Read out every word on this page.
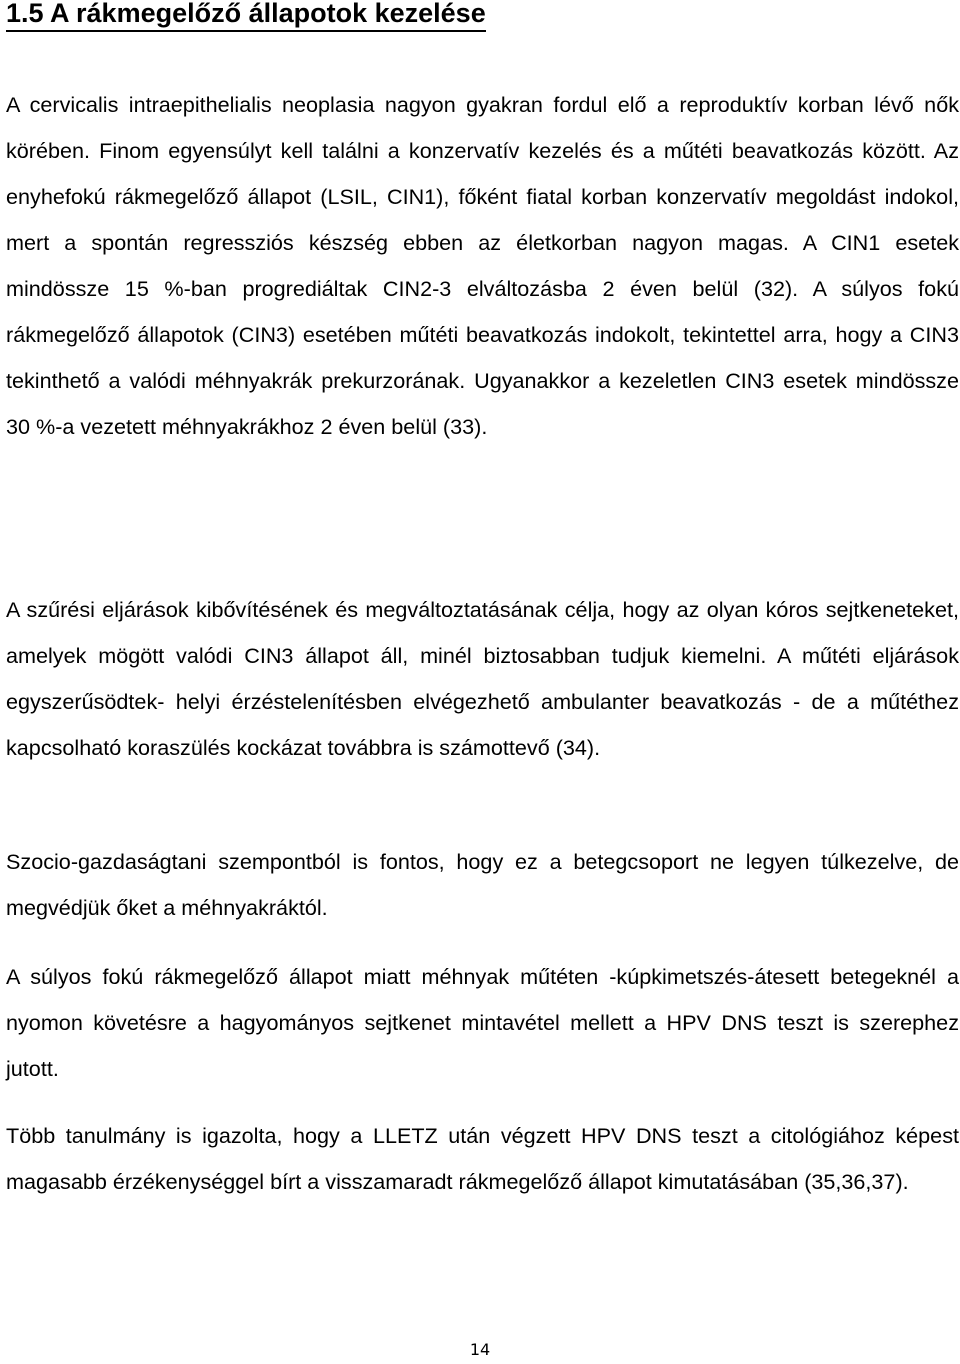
1.5 A rákmegelőző állapotok kezelése

A cervicalis intraepithelialis neoplasia nagyon gyakran fordul elő a reproduktív korban lévő nők körében. Finom egyensúlyt kell találni a konzervatív kezelés és a műtéti beavatkozás között. Az enyhefokú rákmegelőző állapot (LSIL, CIN1), főként fiatal korban konzervatív megoldást indokol, mert a spontán regressziós készség ebben az életkorban nagyon magas. A CIN1 esetek mindössze 15 %-ban progrediáltak CIN2-3 elváltozásba 2 éven belül (32). A súlyos fokú rákmegelőző állapotok (CIN3) esetében műtéti beavatkozás indokolt, tekintettel arra, hogy a CIN3 tekinthető a valódi méhnyakrák prekurzorának. Ugyanakkor a kezeletlen CIN3 esetek mindössze 30 %-a vezetett méhnyakrákhoz 2 éven belül (33).

A szűrési eljárások kibővítésének és megváltoztatásának célja, hogy az olyan kóros sejtkeneteket, amelyek mögött valódi CIN3 állapot áll, minél biztosabban tudjuk kiemelni. A műtéti eljárások egyszerűsödtek- helyi érzéstelenítésben elvégezhető ambulanter beavatkozás - de a műtéthez kapcsolható koraszülés kockázat továbbra is számottevő (34).

Szocio-gazdaságtani szempontból is fontos, hogy ez a betegcsoport ne legyen túlkezelve, de megvédjük őket a méhnyakráktól.

A súlyos fokú rákmegelőző állapot miatt méhnyak műtéten -kúpkimetszés-átesett betegeknél a nyomon követésre a hagyományos sejtkenet mintavétel mellett a HPV DNS teszt is szerephez jutott.

Több tanulmány is igazolta, hogy a LLETZ után végzett HPV DNS teszt a citológiához képest magasabb érzékenységgel bírt a visszamaradt rákmegelőző állapot kimutatásában (35,36,37).

14
